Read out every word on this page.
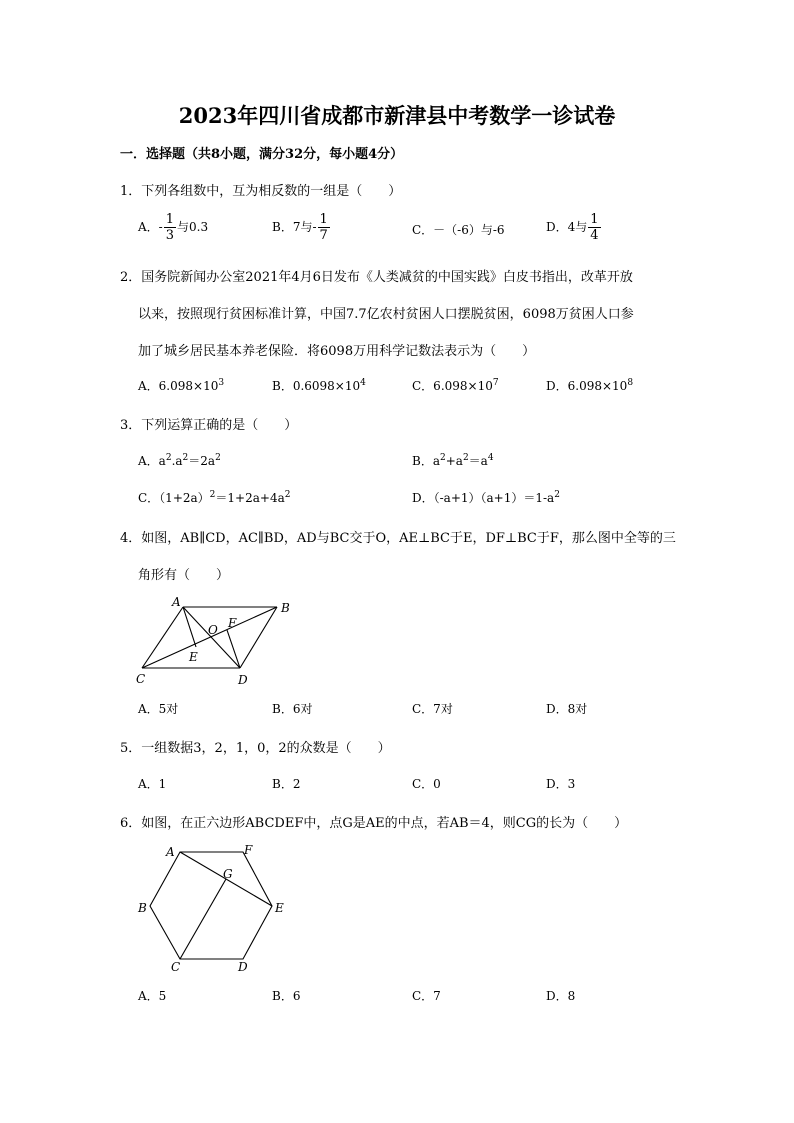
2023年四川省成都市新津县中考数学一诊试卷
一．选择题（共8小题，满分32分，每小题4分）
1．下列各组数中，互为相反数的一组是（　　）
A．- $\frac{1}{3}$ 与0.3	B．7与- $\frac{1}{7}$	C．－（-6）与-6	D．4与 $\frac{1}{4}$
2．国务院新闻办公室2021年4月6日发布《人类减贫的中国实践》白皮书指出，改革开放
以来，按照现行贫困标准计算，中国7.7亿农村贫困人口摆脱贫困，6098万贫困人口参
加了城乡居民基本养老保险．将6098万用科学记数法表示为（　　）
A．$6.098\times 10^3$	B．$0.6098\times 10^4$	C．$6.098\times 10^7$	D．$6.098\times 10^8$
3．下列运算正确的是（　　）
A．$a^2.a^2=2a^2$	B．$a^2+a^2=a^4$
C．$(1+2a)^2=1+2a+4a^2$	D．$(-a+1)(a+1)=1-a^2$
4．如图，AB∥CD，AC∥BD，AD与BC交于O，AE⊥BC于E，DF⊥BC于F，那么图中全等的三
角形有（　　）
A	B
C	D
O
E
F
A．5对	B．6对	C．7对	D．8对
5．一组数据3，2，1，0，2的众数是（　　）
A．1	B．2	C．0	D．3
6．如图，在正六边形ABCDEF中，点G是AE的中点，若AB＝4，则CG的长为（　　）
A	F
B	E
C	D
G
A．5	B．6	C．7	D．8
